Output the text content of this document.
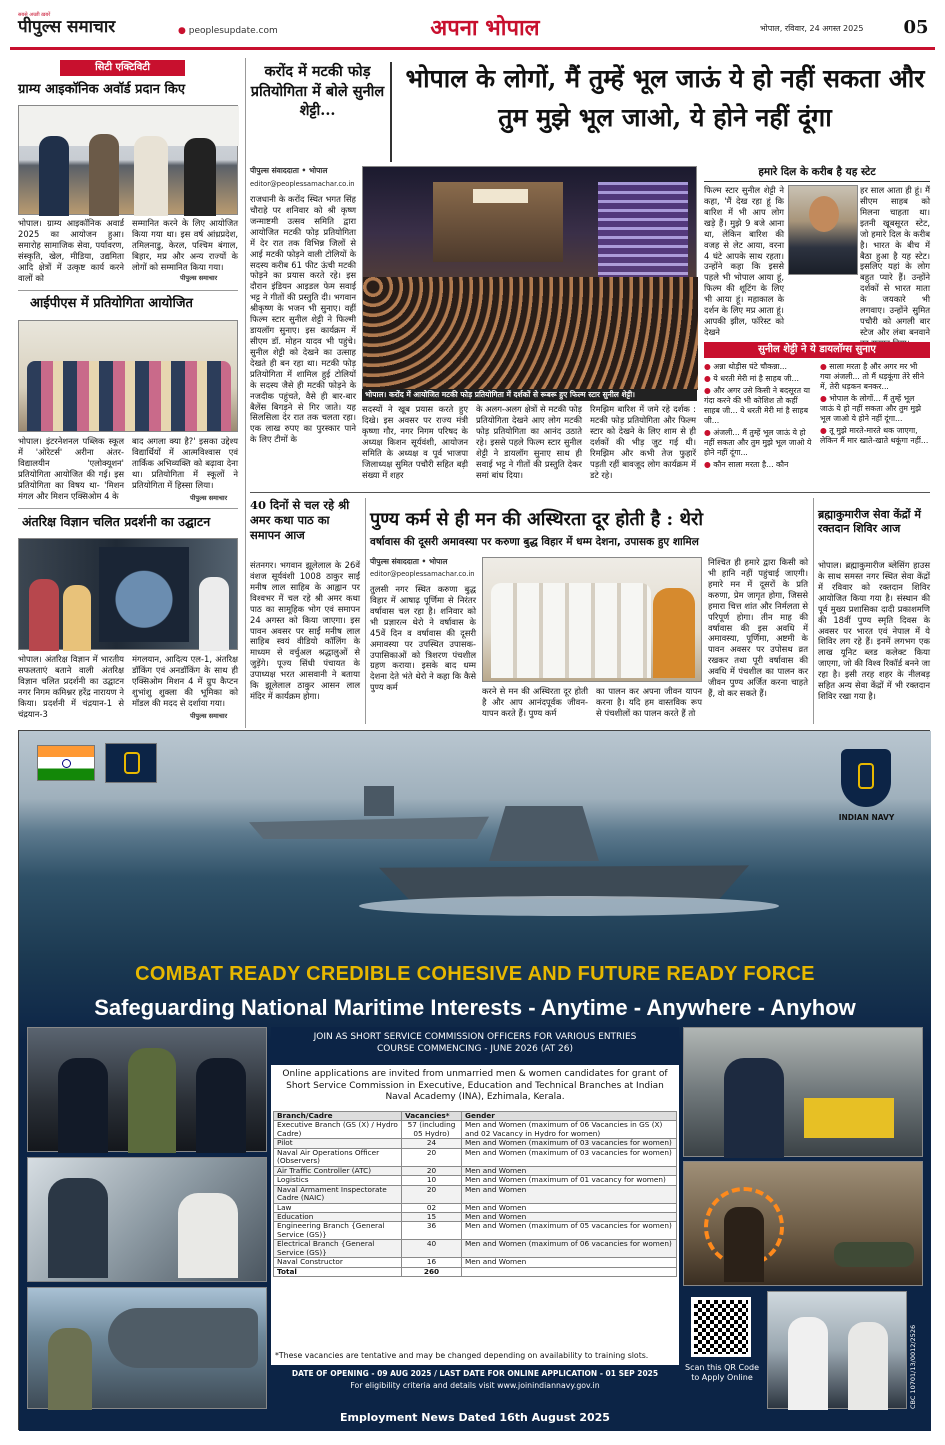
सबसे अच्छी ख़बरें
पीपुल्स समाचार	● peoplesupdate.com	अपना भोपाल	भोपाल, रविवार, 24 अगस्त 2025	05
सिटी एक्टिविटी
ग्राम्य आइकॉनिक अवॉर्ड प्रदान किए
भोपाल। ग्राम्य आइकॉनिक अवार्ड 2025 का आयोजन हुआ। समारोह सामाजिक सेवा, पर्यावरण, संस्कृति, खेल, मीडिया, उद्यमिता आदि क्षेत्रों में उत्कृष्ट कार्य करने वालों को
सम्मानित करने के लिए आयोजित किया गया था। इस वर्ष आंध्रप्रदेश, तमिलनाडु, केरल, पश्चिम बंगाल, बिहार, मप्र और अन्य राज्यों के लोगों को सम्मानित किया गया।
पीपुल्स समाचार
आईपीएस में प्रतियोगिता आयोजित
भोपाल। इंटरनेशनल पब्लिक स्कूल में 'ओरेटर्स' अरीना अंतर-विद्यालयीन 'एलोक्यूशन' प्रतियोगिता आयोजित की गई। इस प्रतियोगिता का विषय था- 'मिशन मंगल और मिशन एक्सिओम 4 के
बाद अगला क्या है?' इसका उद्देश्य विद्यार्थियों में आत्मविश्वास एवं तार्किक अभिव्यक्ति को बढ़ावा देना था। प्रतियोगिता में स्कूलों ने प्रतियोगिता में हिस्सा लिया।
पीपुल्स समाचार
अंतरिक्ष विज्ञान चलित प्रदर्शनी का उद्घाटन
भोपाल। अंतरिक्ष विज्ञान में भारतीय सफलताएं बताने वाली अंतरिक्ष विज्ञान चलित प्रदर्शनी का उद्घाटन नगर निगम कमिश्नर हरेंद्र नारायण ने किया। प्रदर्शनी में चंद्रयान-1 से चंद्रयान-3
मंगलयान, आदित्य एल-1, अंतरिक्ष डॉकिंग एवं अनडॉकिंग के साथ ही एक्सिओम मिशन 4 में ग्रुप कैप्टन शुभांशु शुक्ला की भूमिका को मॉडल की मदद से दर्शाया गया।
पीपुल्स समाचार
करोंद में मटकी फोड़ प्रतियोगिता में बोले सुनील शेट्टी...
भोपाल के लोगों, मैं तुम्हें भूल जाऊं ये हो नहीं सकता और तुम मुझे भूल जाओ, ये होने नहीं दूंगा
पीपुल्स संवाददाता • भोपाल
editor@peoplessamachar.co.in
राजधानी के करोंद स्थित भगत सिंह चौराहे पर शनिवार को श्री कृष्ण जन्माष्टमी उत्सव समिति द्वारा आयोजित मटकी फोड़ प्रतियोगिता में देर रात तक विभिन्न जिलों से आई मटकी फोड़ने वाली टोलियों के सदस्य करीब 61 फीट ऊंची मटकी फोड़ने का प्रयास करते रहे। इस दौरान इंडियन आइडल फेम सवाई भट्ट ने गीतों की प्रस्तुति दी। भगवान श्रीकृष्ण के भजन भी सुनाए। वहीं फिल्म स्टार सुनील शेट्टी ने फिल्मी डायलॉग सुनाए। इस कार्यक्रम में सीएम डॉ. मोहन यादव भी पहुंचे। सुनील शेट्टी को देखने का उत्साह देखते ही बन रहा था। मटकी फोड़ प्रतियोगिता में शामिल हुई टोलियों के सदस्य जैसे ही मटकी फोड़ने के नजदीक पहुंचते, वैसे ही बार-बार बैलेंस बिगड़ने से गिर जाते। यह सिलसिला देर रात तक चलता रहा। एक लाख रुपए का पुरस्कार पाने के लिए टीमों के
भोपाल। करोंद में आयोजित मटकी फोड़ प्रतियोगिता में दर्शकों से रूबरू हुए फिल्म स्टार सुनील शेट्टी।
सदस्यों ने खूब प्रयास करते हुए दिखे। इस अवसर पर राज्य मंत्री कृष्णा गौर, नगर निगम परिषद के अध्यक्ष किशन सूर्यवंशी, आयोजन समिति के अध्यक्ष व पूर्व भाजपा जिलाध्यक्ष सुमित पचौरी सहित बड़ी संख्या में शहर
के अलग-अलग क्षेत्रों से मटकी फोड़ प्रतियोगिता देखने आए लोग मटकी फोड़ प्रतियोगिता का आनंद उठाते रहे। इससे पहले फिल्म स्टार सुनील शेट्टी ने डायलॉग सुनाए साथ ही सवाई भट्ट ने गीतों की प्रस्तुति देकर समां बांध दिया।
रिमझिम बारिश में जमे रहे दर्शक : मटकी फोड़ प्रतियोगिता और फिल्म स्टार को देखने के लिए शाम से ही दर्शकों की भीड़ जुट गई थी। रिमझिम और कभी तेज फुहारें पड़ती रहीं बावजूद लोग कार्यक्रम में डटे रहे।
हमारे दिल के करीब है यह स्टेट
फिल्म स्टार सुनील शेट्टी ने कहा, 'मैं देख रहा हूं कि बारिश में भी आप लोग खड़े हैं। मुझे 9 बजे आना था, लेकिन बारिश की वजह से लेट आया, वरना 4 घंटे आपके साथ रहता। उन्होंने कहा कि इससे पहले भी भोपाल आया हूं, फिल्म की शूटिंग के लिए भी आया हूं। महाकाल के दर्शन के लिए मप्र आता हूं। आपकी झील, फॉरेस्ट को देखने
हर साल आता ही हूं। मैं सीएम साहब को मिलना चाहता था। इतनी खूबसूरत स्टेट, जो हमारे दिल के करीब है। भारत के बीच में बैठा हुआ है यह स्टेट। इसलिए यहां के लोग बहुत प्यारे हैं। उन्होंने दर्शकों से भारत माता के जयकारे भी लगवाए। उन्होंने सुमित पचौरी को अगली बार स्टेज और लंबा बनवाने
सुनील शेट्टी ने ये डायलॉग्स सुनाए
● अन्ना थोड़ीस घंटे चौकन्ना...
● ये धरती मेरी मां है साहब जी...
● और अगर उसे किसी ने बदसूरत या गंदा करने की भी कोशिश तो कहीं साहब जी... ये धरती मेरी मां है साहब जी...
● अंजली... मैं तुम्हें भूल जाऊं ये हो नहीं सकता और तुम मुझे भूल जाओ ये होने नहीं दूंगा...
● कौन साला मरता है... कौन
● साला मरता है और अगर मर भी गया अंजली... तो मैं धड़कूंगा तेरे सीने में, तेरी धड़कन बनकर...
● भोपाल के लोगों... मैं तुम्हें भूल जाऊं ये हो नहीं सकता और तुम मुझे भूल जाओ ये होने नहीं दूंगा...
● तू मुझे मारते-मारते थक जाएगा, लेकिन मैं मार खाते-खाते थकूंगा नहीं...
40 दिनों से चल रहे श्री अमर कथा पाठ का समापन आज
संतनगर। भगवान झूलेलाल के 26वें वंशज सूर्यवंशी 1008 ठाकुर साईं मनीष लाल साहिब के आह्वान पर विश्वभर में चल रहे श्री अमर कथा पाठ का सामूहिक भोग एवं समापन 24 अगस्त को किया जाएगा। इस पावन अवसर पर साईं मनीष लाल साहिब स्वयं वीडियो कॉलिंग के माध्यम से वर्चुअल श्रद्धालुओं से जुड़ेंगे। पूज्य सिंधी पंचायत के उपाध्यक्ष भरत आसवानी ने बताया कि झूलेलाल ठाकुर आसन लाल मंदिर में कार्यक्रम होगा।
पुण्य कर्म से ही मन की अस्थिरता दूर होती है : थेरो
वर्षावास की दूसरी अमावस्या पर करुणा बुद्ध विहार में धम्म देशना, उपासक हुए शामिल
पीपुल्स संवाददाता • भोपाल
editor@peoplessamachar.co.in
तुलसी नगर स्थित करुणा बुद्ध विहार में आषाढ़ पूर्णिमा से निरंतर वर्षावास चल रहा है। शनिवार को भी प्रज्ञारत्न थेरो ने वर्षावास के 45वें दिन व वर्षावास की दूसरी अमावस्या पर उपस्थित उपासक-उपासिकाओं को त्रिशरण पंचशील ग्रहण कराया। इसके बाद धम्म देशना देते भंते थेरो ने कहा कि कैसे पुण्य कर्म	करने से मन की अस्थिरता दूर होती है और आप आनंदपूर्वक जीवन-यापन करते हैं। पुण्य कर्म
का पालन कर अपना जीवन यापन करना है। यदि हम वास्तविक रूप से पंचशीलों का पालन करते हैं तो
निश्चित ही हमारे द्वारा किसी को भी हानि नहीं पहुंचाई जाएगी। हमारे मन में दूसरों के प्रति करुणा, प्रेम जागृत होगा, जिससे हमारा चित्त शांत और निर्मलता से परिपूर्ण होगा। तीन माह की वर्षावास की इस अवधि में अमावस्या, पूर्णिमा, अष्टमी के पावन अवसर पर उपोसथ व्रत रखकर तथा पूरी वर्षावास की अवधि में पंचशील का पालन कर जीवन पुण्य अर्जित करना चाहते हैं, वो कर सकते हैं।
ब्रह्माकुमारीज सेवा केंद्रों में रक्तदान शिविर आज
भोपाल। ब्रह्माकुमारीज ब्लेसिंग हाउस के साथ समस्त नगर स्थित सेवा केंद्रों में रविवार को रक्तदान शिविर आयोजित किया गया है। संस्थान की पूर्व मुख्य प्रशासिका दादी प्रकाशमणि की 18वीं पुण्य स्मृति दिवस के अवसर पर भारत एवं नेपाल में ये शिविर लग रहे हैं। इनमें लगभग एक लाख यूनिट ब्लड कलेक्ट किया जाएगा, जो की विश्व रिकॉर्ड बनने जा रहा है। इसी तरह शहर के नीलबड़ सहित अन्य सेवा केंद्रों में भी रक्तदान शिविर रखा गया है।
INDIAN NAVY
COMBAT READY CREDIBLE COHESIVE AND FUTURE READY FORCE
Safeguarding National Maritime Interests - Anytime - Anywhere - Anyhow
JOIN AS SHORT SERVICE COMMISSION OFFICERS FOR VARIOUS ENTRIES
COURSE COMMENCING - JUNE 2026 (AT 26)
Online applications are invited from unmarried men & women candidates for grant of Short Service Commission in Executive, Education and Technical Branches at Indian Naval Academy (INA), Ezhimala, Kerala.
Branch/Cadre	Vacancies*	Gender
Executive Branch (GS (X) / Hydro Cadre)	57 (including 05 Hydro)	Men and Women (maximum of 06 Vacancies in GS (X) and 02 Vacancy in Hydro for women)
Pilot	24	Men and Women (maximum of 03 vacancies for women)
Naval Air Operations Officer (Observers)	20	Men and Women (maximum of 03 vacancies for women)
Air Traffic Controller (ATC)	20	Men and Women
Logistics	10	Men and Women (maximum of 01 vacancy for women)
Naval Armament Inspectorate Cadre (NAIC)	20	Men and Women
Law	02	Men and Women
Education	15	Men and Women
Engineering Branch {General Service (GS)}	36	Men and Women (maximum of 05 vacancies for women)
Electrical Branch {General Service (GS)}	40	Men and Women (maximum of 06 vacancies for women)
Naval Constructor	16	Men and Women
Total	260	
*These vacancies are tentative and may be changed depending on availability to training slots.
DATE OF OPENING - 09 AUG 2025 / LAST DATE FOR ONLINE APPLICATION - 01 SEP 2025
For eligibility criteria and details visit www.joinindiannavy.gov.in
Employment News Dated 16th August 2025
Scan this QR Code to Apply Online	CBC 10701/13/0012/2526
